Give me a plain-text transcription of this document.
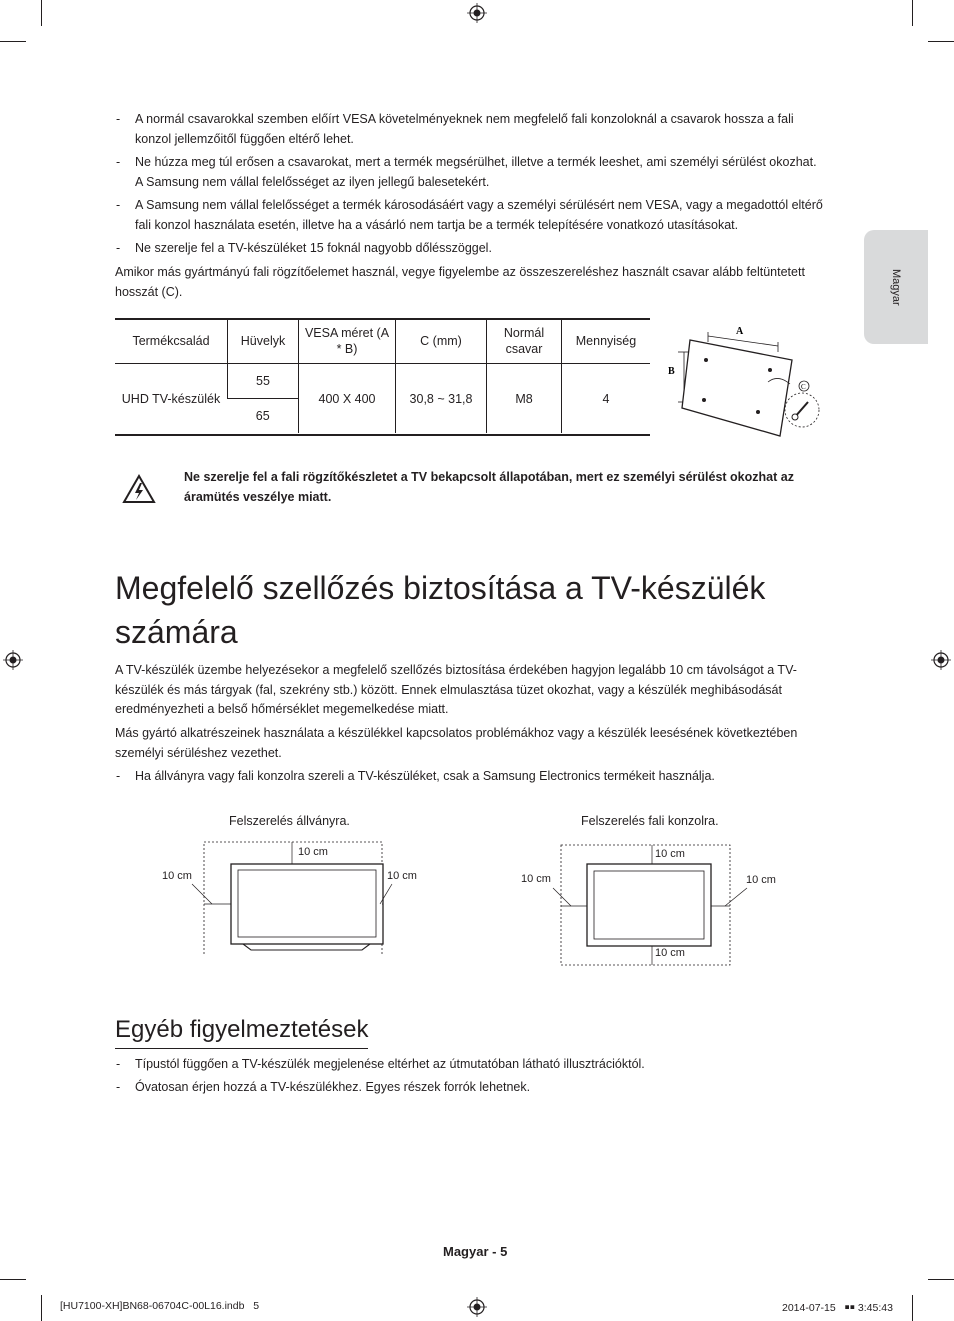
Magyar
- A normál csavarokkal szemben előírt VESA követelményeknek nem megfelelő fali konzoloknál a csavarok hossza a fali konzol jellemzőitől függően eltérő lehet.
- Ne húzza meg túl erősen a csavarokat, mert a termék megsérülhet, illetve a termék leeshet, ami személyi sérülést okozhat. A Samsung nem vállal felelősséget az ilyen jellegű balesetekért.
- A Samsung nem vállal felelősséget a termék károsodásáért vagy a személyi sérülésért nem VESA, vagy a megadottól eltérő fali konzol használata esetén, illetve ha a vásárló nem tartja be a termék telepítésére vonatkozó utasításokat.
- Ne szerelje fel a TV-készüléket 15 foknál nagyobb dőlésszöggel.
Amikor más gyártmányú fali rögzítőelemet használ, vegye figyelembe az összeszereléshez használt csavar alább feltüntetett hosszát (C).
Termékcsalád	Hüvelyk	VESA méret (A * B)	C (mm)	Normál csavar	Mennyiség
UHD TV-készülék	55	400 X 400	30,8 ~ 31,8	M8	4
	65				
A
B
C
Ne szerelje fel a fali rögzítőkészletet a TV bekapcsolt állapotában, mert ez személyi sérülést okozhat az áramütés veszélye miatt.
Megfelelő szellőzés biztosítása a TV-készülék
számára
A TV-készülék üzembe helyezésekor a megfelelő szellőzés biztosítása érdekében hagyjon legalább 10 cm távolságot a TV-készülék és más tárgyak (fal, szekrény stb.) között. Ennek elmulasztása tüzet okozhat, vagy a készülék meghibásodását eredményezheti a belső hőmérséklet megemelkedése miatt.
Más gyártó alkatrészeinek használata a készülékkel kapcsolatos problémákhoz vagy a készülék leesésének következtében személyi sérüléshez vezethet.
- Ha állványra vagy fali konzolra szereli a TV-készüléket, csak a Samsung Electronics termékeit használja.
Felszerelés állványra.
10 cm
10 cm	10 cm
Felszerelés fali konzolra.
10 cm
10 cm	10 cm
10 cm
Egyéb figyelmeztetések
- Típustól függően a TV-készülék megjelenése eltérhet az útmutatóban látható illusztrációktól.
- Óvatosan érjen hozzá a TV-készülékhez. Egyes részek forrók lehetnek.
Magyar - 5
[HU7100-XH]BN68-06704C-00L16.indb   5	2014-07-15   ￭￭ 3:45:43
